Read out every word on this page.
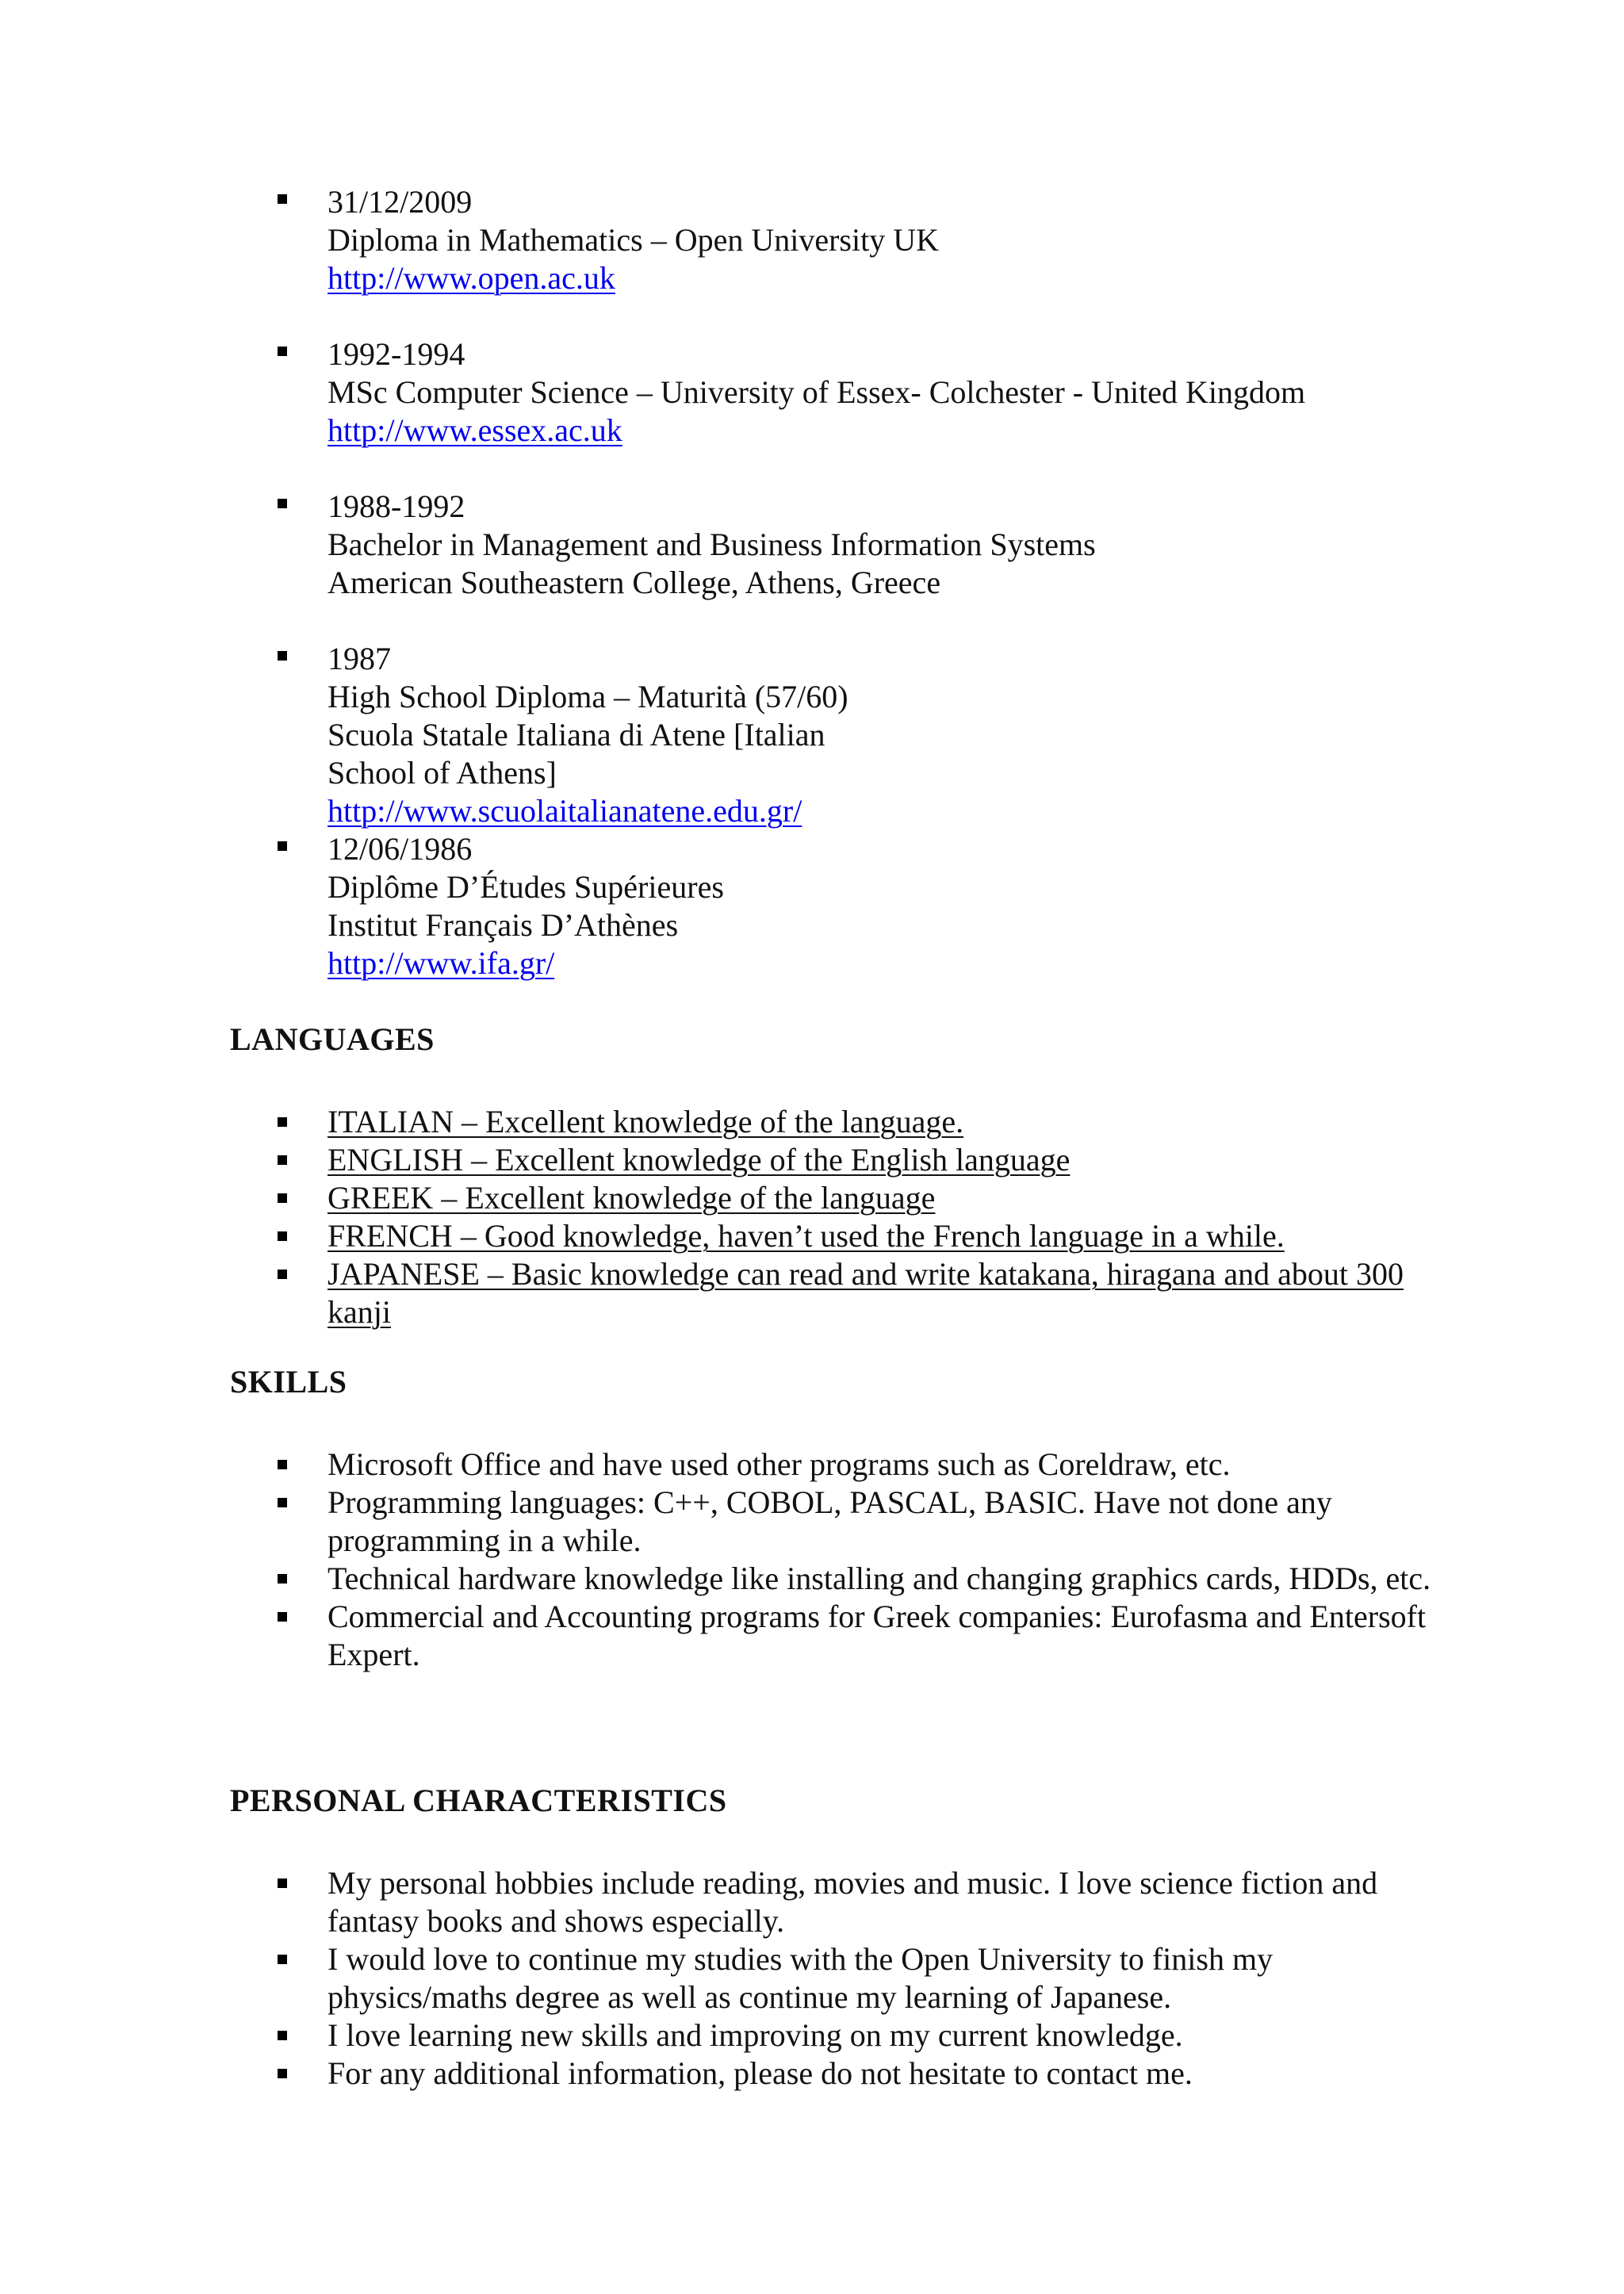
31/12/2009
Diploma in Mathematics – Open University UK
http://www.open.ac.uk
1992-1994
MSc Computer Science – University of Essex- Colchester - United Kingdom
http://www.essex.ac.uk
1988-1992
Bachelor in Management and Business Information Systems
American Southeastern College, Athens, Greece
1987
High School Diploma – Maturità (57/60)
Scuola Statale Italiana di Atene [Italian
School of Athens]
http://www.scuolaitalianatene.edu.gr/
12/06/1986
Diplôme D’Études Supérieures
Institut Français D’Athènes
http://www.ifa.gr/
LANGUAGES
ITALIAN – Excellent knowledge of the language.
ENGLISH – Excellent knowledge of the English language
GREEK – Excellent knowledge of the language
FRENCH – Good knowledge, haven’t used the French language in a while.
JAPANESE – Basic knowledge can read and write katakana, hiragana and about 300 kanji
SKILLS
Microsoft Office and have used other programs such as Coreldraw, etc.
Programming languages: C++, COBOL, PASCAL, BASIC. Have not done any programming in a while.
Technical hardware knowledge like installing and changing graphics cards, HDDs, etc.
Commercial and Accounting programs for Greek companies: Eurofasma and Entersoft Expert.
PERSONAL CHARACTERISTICS
My personal hobbies include reading, movies and music. I love science fiction and fantasy books and shows especially.
I would love to continue my studies with the Open University to finish my physics/maths degree as well as continue my learning of Japanese.
I love learning new skills and improving on my current knowledge.
For any additional information, please do not hesitate to contact me.
